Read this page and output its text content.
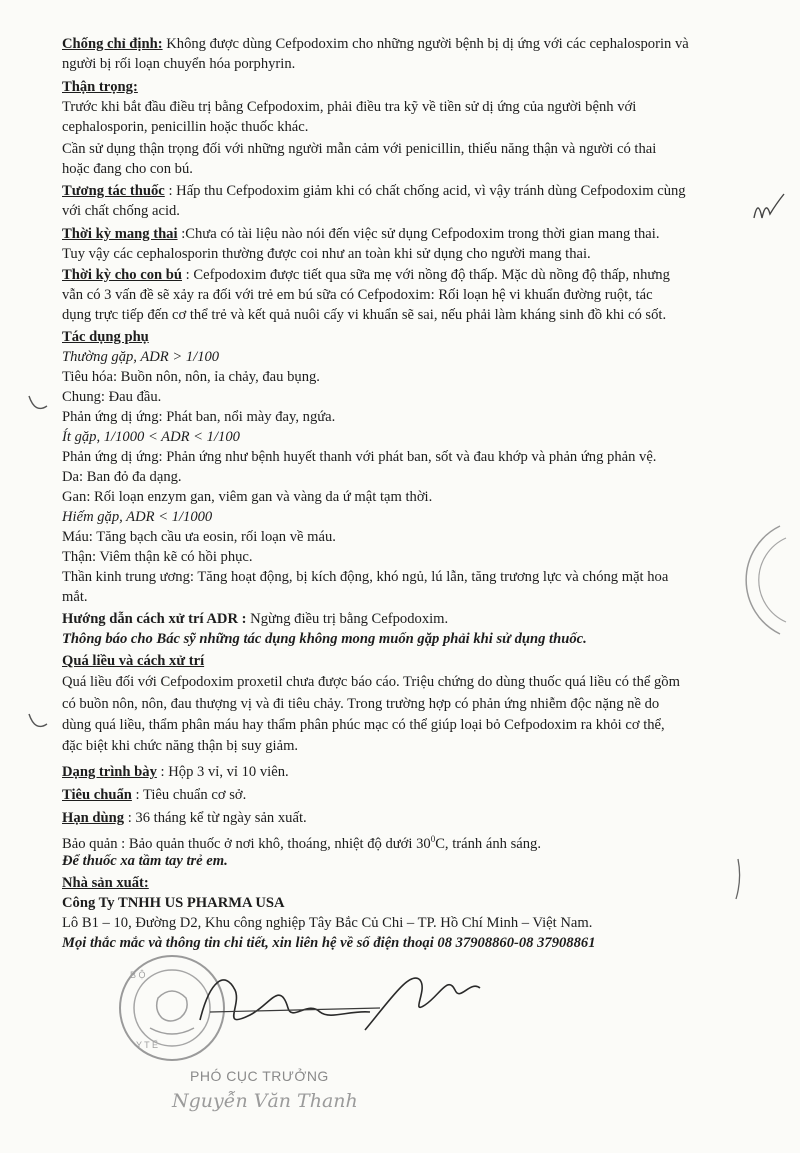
Chống chỉ định: Không được dùng Cefpodoxim cho những người bệnh bị dị ứng với các cephalosporin và
người bị rối loạn chuyển hóa porphyrin.
Thận trọng:
Trước khi bắt đầu điều trị bằng Cefpodoxim, phải điều tra kỹ về tiền sử dị ứng của người bệnh với
cephalosporin, penicillin hoặc thuốc khác.
Cần sử dụng thận trọng đối với những người mẫn cảm với penicillin, thiểu năng thận và người có thai
hoặc đang cho con bú.
Tương tác thuốc : Hấp thu Cefpodoxim giảm khi có chất chống acid, vì vậy tránh dùng Cefpodoxim cùng
với chất chống acid.
Thời kỳ mang thai :Chưa có tài liệu nào nói đến việc sử dụng Cefpodoxim trong thời gian mang thai.
Tuy vậy các cephalosporin thường được coi như an toàn khi sử dụng cho người mang thai.
Thời kỳ cho con bú : Cefpodoxim được tiết qua sữa mẹ với nồng độ thấp. Mặc dù nồng độ thấp, nhưng
vẫn có 3 vấn đề sẽ xảy ra đối với trẻ em bú sữa có Cefpodoxim: Rối loạn hệ vi khuẩn đường ruột, tác
dụng trực tiếp đến cơ thể trẻ và kết quả nuôi cấy vi khuẩn sẽ sai, nếu phải làm kháng sinh đồ khi có sốt.
Tác dụng phụ
Thường gặp, ADR > 1/100
Tiêu hóa: Buồn nôn, nôn, ỉa chảy, đau bụng.
Chung: Đau đầu.
Phản ứng dị ứng: Phát ban, nổi mày đay, ngứa.
Ít gặp, 1/1000 < ADR < 1/100
Phản ứng dị ứng: Phản ứng như bệnh huyết thanh với phát ban, sốt và đau khớp và phản ứng phản vệ.
Da: Ban đỏ đa dạng.
Gan: Rối loạn enzym gan, viêm gan và vàng da ứ mật tạm thời.
Hiếm gặp, ADR < 1/1000
Máu: Tăng bạch cầu ưa eosin, rối loạn về máu.
Thận: Viêm thận kẽ có hồi phục.
Thần kinh trung ương: Tăng hoạt động, bị kích động, khó ngủ, lú lẫn, tăng trương lực và chóng mặt hoa
mắt.
Hướng dẫn cách xử trí ADR : Ngừng điều trị bằng Cefpodoxim.
Thông báo cho Bác sỹ những tác dụng không mong muốn gặp phải khi sử dụng thuốc.
Quá liều và cách xử trí
Quá liều đối với Cefpodoxim proxetil chưa được báo cáo. Triệu chứng do dùng thuốc quá liều có thể gồm
có buồn nôn, nôn, đau thượng vị và đi tiêu chảy. Trong trường hợp có phản ứng nhiễm độc nặng nề do
dùng quá liều, thẩm phân máu hay thẩm phân phúc mạc có thể giúp loại bỏ Cefpodoxim ra khỏi cơ thể,
đặc biệt khi chức năng thận bị suy giảm.
Dạng trình bày : Hộp 3 vỉ, vỉ 10 viên.
Tiêu chuẩn : Tiêu chuẩn cơ sở.
Hạn dùng : 36 tháng kể từ ngày sản xuất.
Bảo quản : Bảo quản thuốc ở nơi khô, thoáng, nhiệt độ dưới $30^0C$, tránh ánh sáng.
Để thuốc xa tầm tay trẻ em.
Nhà sản xuất:
Công Ty TNHH US PHARMA USA
Lô B1 – 10, Đường D2, Khu công nghiệp Tây Bắc Củ Chi – TP. Hồ Chí Minh – Việt Nam.
Mọi thắc mắc và thông tin chi tiết, xin liên hệ về số điện thoại 08 37908860-08 37908861
B Ộ
Y T Ế
PHÓ CỤC TRƯỞNG
Nguyễn Văn Thanh
